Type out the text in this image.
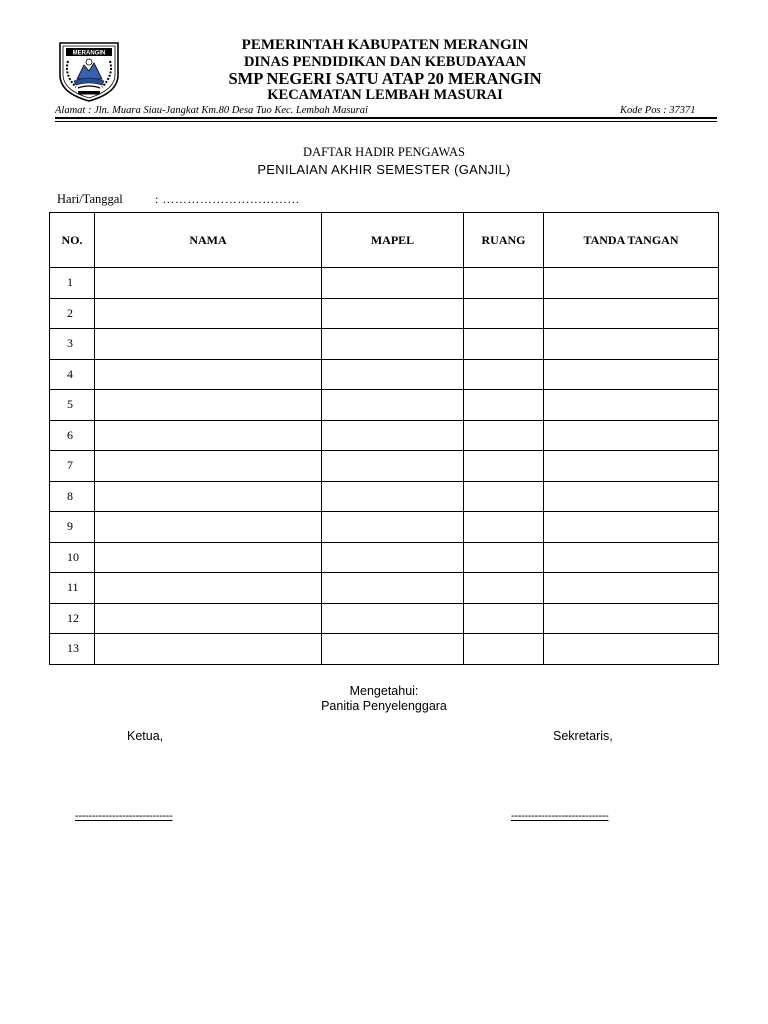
MERANGIN
PEMERINTAH KABUPATEN MERANGIN
DINAS PENDIDIKAN DAN KEBUDAYAAN
SMP NEGERI SATU ATAP 20 MERANGIN
KECAMATAN LEMBAH MASURAI
Alamat : Jln. Muara Siau-Jangkat Km.80 Desa Tuo Kec. Lembah Masurai	Kode Pos : 37371
DAFTAR HADIR PENGAWAS
PENILAIAN AKHIR SEMESTER (GANJIL)
Hari/Tanggal	: ……………………………
NO.	NAMA	MAPEL	RUANG	TANDA TANGAN
1				
2				
3				
4				
5				
6				
7				
8				
9				
10				
11				
12				
13				
Mengetahui:
Panitia Penyelenggara
Ketua,	Sekretaris,
-----------------------------	-----------------------------
